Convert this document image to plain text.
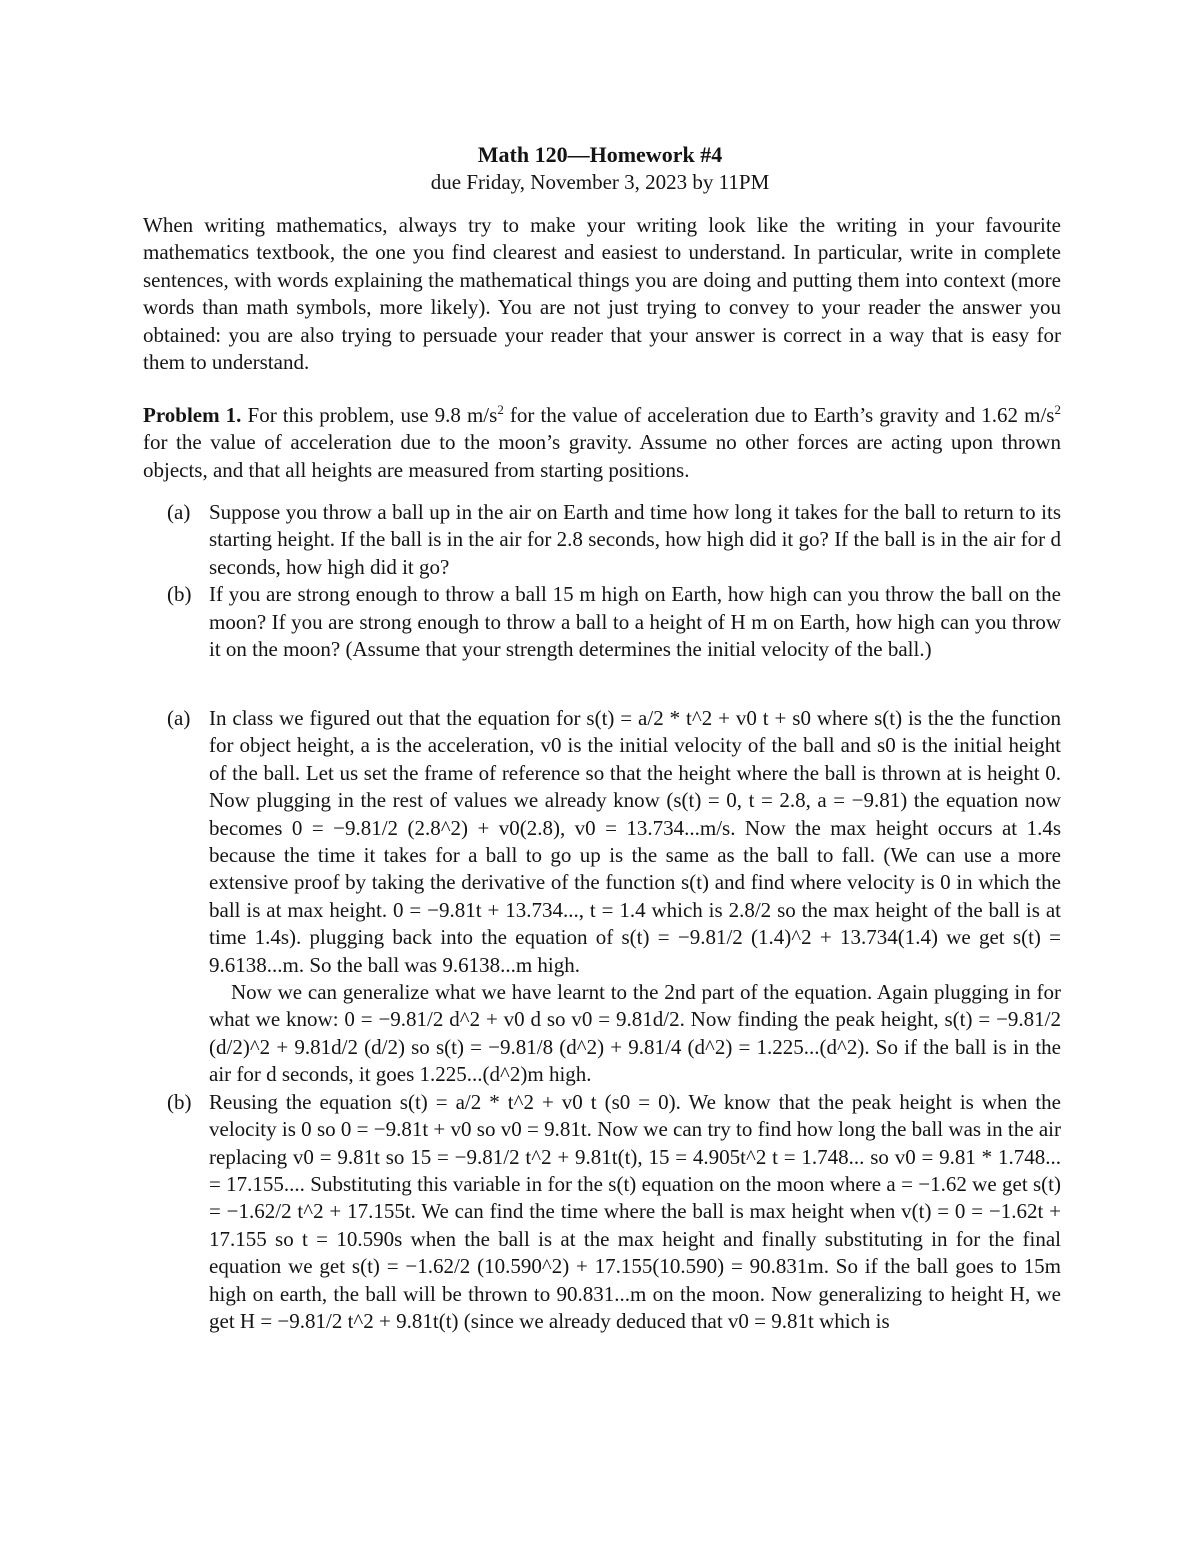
Math 120—Homework #4
due Friday, November 3, 2023 by 11PM
When writing mathematics, always try to make your writing look like the writing in your favourite mathematics textbook, the one you find clearest and easiest to understand. In particular, write in complete sentences, with words explaining the mathematical things you are doing and putting them into context (more words than math symbols, more likely). You are not just trying to convey to your reader the answer you obtained: you are also trying to persuade your reader that your answer is correct in a way that is easy for them to understand.
Problem 1. For this problem, use 9.8 $m/s^2$ for the value of acceleration due to Earth’s gravity and 1.62 $m/s^2$ for the value of acceleration due to the moon’s gravity. Assume no other forces are acting upon thrown objects, and that all heights are measured from starting positions.
(a) Suppose you throw a ball up in the air on Earth and time how long it takes for the ball to return to its starting height. If the ball is in the air for 2.8 seconds, how high did it go? If the ball is in the air for d seconds, how high did it go?
(b) If you are strong enough to throw a ball 15 m high on Earth, how high can you throw the ball on the moon? If you are strong enough to throw a ball to a height of H m on Earth, how high can you throw it on the moon? (Assume that your strength determines the initial velocity of the ball.)
(a) In class we figured out that the equation for s(t) = a/2 * t^2 + v0 t + s0 where s(t) is the the function for object height, a is the acceleration, v0 is the initial velocity of the ball and s0 is the initial height of the ball. Let us set the frame of reference so that the height where the ball is thrown at is height 0. Now plugging in the rest of values we already know (s(t) = 0, t = 2.8, a = −9.81) the equation now becomes 0 = −9.81/2 (2.8^2) + v0(2.8), v0 = 13.734...m/s. Now the max height occurs at 1.4s because the time it takes for a ball to go up is the same as the ball to fall. (We can use a more extensive proof by taking the derivative of the function s(t) and find where velocity is 0 in which the ball is at max height. 0 = −9.81t + 13.734..., t = 1.4 which is 2.8/2 so the max height of the ball is at time 1.4s). plugging back into the equation of s(t) = −9.81/2 (1.4)^2 + 13.734(1.4) we get s(t) = 9.6138...m. So the ball was 9.6138...m high.
Now we can generalize what we have learnt to the 2nd part of the equation. Again plugging in for what we know: 0 = −9.81/2 d^2 + v0 d so v0 = 9.81d/2. Now finding the peak height, s(t) = −9.81/2 (d/2)^2 + 9.81d/2 (d/2) so s(t) = −9.81/8 (d^2) + 9.81/4 (d^2) = 1.225...(d^2). So if the ball is in the air for d seconds, it goes 1.225...(d^2)m high.
(b) Reusing the equation s(t) = a/2 * t^2 + v0 t (s0 = 0). We know that the peak height is when the velocity is 0 so 0 = −9.81t + v0 so v0 = 9.81t. Now we can try to find how long the ball was in the air replacing v0 = 9.81t so 15 = −9.81/2 t^2 + 9.81t(t), 15 = 4.905t^2 t = 1.748... so v0 = 9.81 * 1.748... = 17.155.... Substituting this variable in for the s(t) equation on the moon where a = −1.62 we get s(t) = −1.62/2 t^2 + 17.155t. We can find the time where the ball is max height when v(t) = 0 = −1.62t + 17.155 so t = 10.590s when the ball is at the max height and finally substituting in for the final equation we get s(t) = −1.62/2 (10.590^2) + 17.155(10.590) = 90.831m. So if the ball goes to 15m high on earth, the ball will be thrown to 90.831...m on the moon. Now generalizing to height H, we get H = −9.81/2 t^2 + 9.81t(t) (since we already deduced that v0 = 9.81t which is
